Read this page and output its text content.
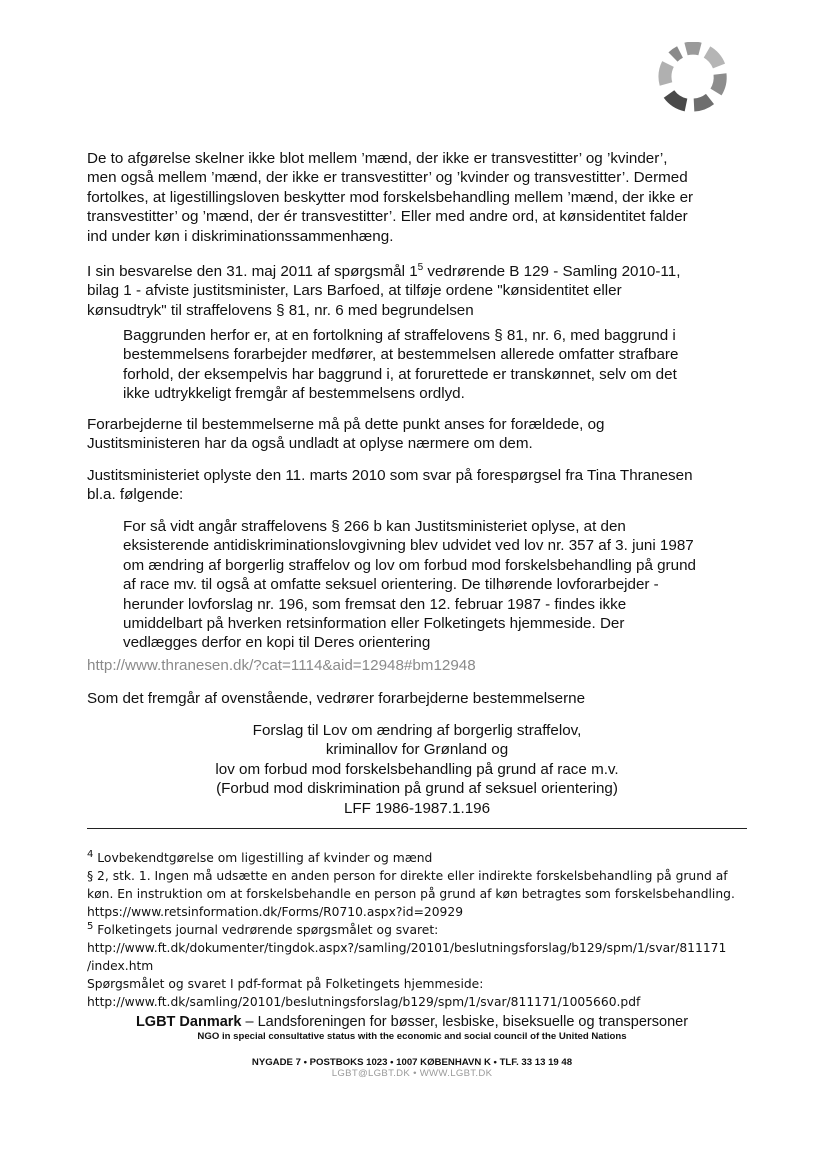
De to afgørelse skelner ikke blot mellem ’mænd, der ikke er transvestitter’ og ’kvinder’,
men også mellem ’mænd, der ikke er transvestitter’ og ’kvinder og transvestitter’. Dermed
fortolkes, at ligestillingsloven beskytter mod forskelsbehandling mellem ’mænd, der ikke er
transvestitter’ og ’mænd, der ér transvestitter’. Eller med andre ord, at kønsidentitet falder
ind under køn i diskriminationssammenhæng.

I sin besvarelse den 31. maj 2011 af spørgsmål $1^5$ vedrørende B 129 - Samling 2010-11,
bilag 1 - afviste justitsminister, Lars Barfoed, at tilføje ordene "kønsidentitet eller
kønsudtryk" til straffelovens § 81, nr. 6 med begrundelsen

Baggrunden herfor er, at en fortolkning af straffelovens § 81, nr. 6, med baggrund i
bestemmelsens forarbejder medfører, at bestemmelsen allerede omfatter strafbare
forhold, der eksempelvis har baggrund i, at forurettede er transkønnet, selv om det
ikke udtrykkeligt fremgår af bestemmelsens ordlyd.

Forarbejderne til bestemmelserne må på dette punkt anses for forældede, og
Justitsministeren har da også undladt at oplyse nærmere om dem.

Justitsministeriet oplyste den 11. marts 2010 som svar på forespørgsel fra Tina Thranesen
bl.a. følgende:

For så vidt angår straffelovens § 266 b kan Justitsministeriet oplyse, at den
eksisterende antidiskriminationslovgivning blev udvidet ved lov nr. 357 af 3. juni 1987
om ændring af borgerlig straffelov og lov om forbud mod forskelsbehandling på grund
af race mv. til også at omfatte seksuel orientering. De tilhørende lovforarbejder -
herunder lovforslag nr. 196, som fremsat den 12. februar 1987 - findes ikke
umiddelbart på hverken retsinformation eller Folketingets hjemmeside. Der
vedlægges derfor en kopi til Deres orientering

http://www.thranesen.dk/?cat=1114&aid=12948#bm12948

Som det fremgår af ovenstående, vedrører forarbejderne bestemmelserne

Forslag til Lov om ændring af borgerlig straffelov,
kriminallov for Grønland og
lov om forbud mod forskelsbehandling på grund af race m.v.
(Forbud mod diskrimination på grund af seksuel orientering)
LFF 1986-1987.1.196
$^4$ Lovbekendtgørelse om ligestilling af kvinder og mænd
§ 2, stk. 1. Ingen må udsætte en anden person for direkte eller indirekte forskelsbehandling på grund af
køn. En instruktion om at forskelsbehandle en person på grund af køn betragtes som forskelsbehandling.
https://www.retsinformation.dk/Forms/R0710.aspx?id=20929
$^5$ Folketingets journal vedrørende spørgsmålet og svaret:
http://www.ft.dk/dokumenter/tingdok.aspx?/samling/20101/beslutningsforslag/b129/spm/1/svar/811171
/index.htm
Spørgsmålet og svaret I pdf-format på Folketingets hjemmeside:
http://www.ft.dk/samling/20101/beslutningsforslag/b129/spm/1/svar/811171/1005660.pdf
LGBT Danmark – Landsforeningen for bøsser, lesbiske, biseksuelle og transpersoner
NGO in special consultative status with the economic and social council of the United Nations
NYGADE 7 • POSTBOKS 1023 • 1007 KØBENHAVN K • TLF. 33 13 19 48
LGBT@LGBT.DK • WWW.LGBT.DK
